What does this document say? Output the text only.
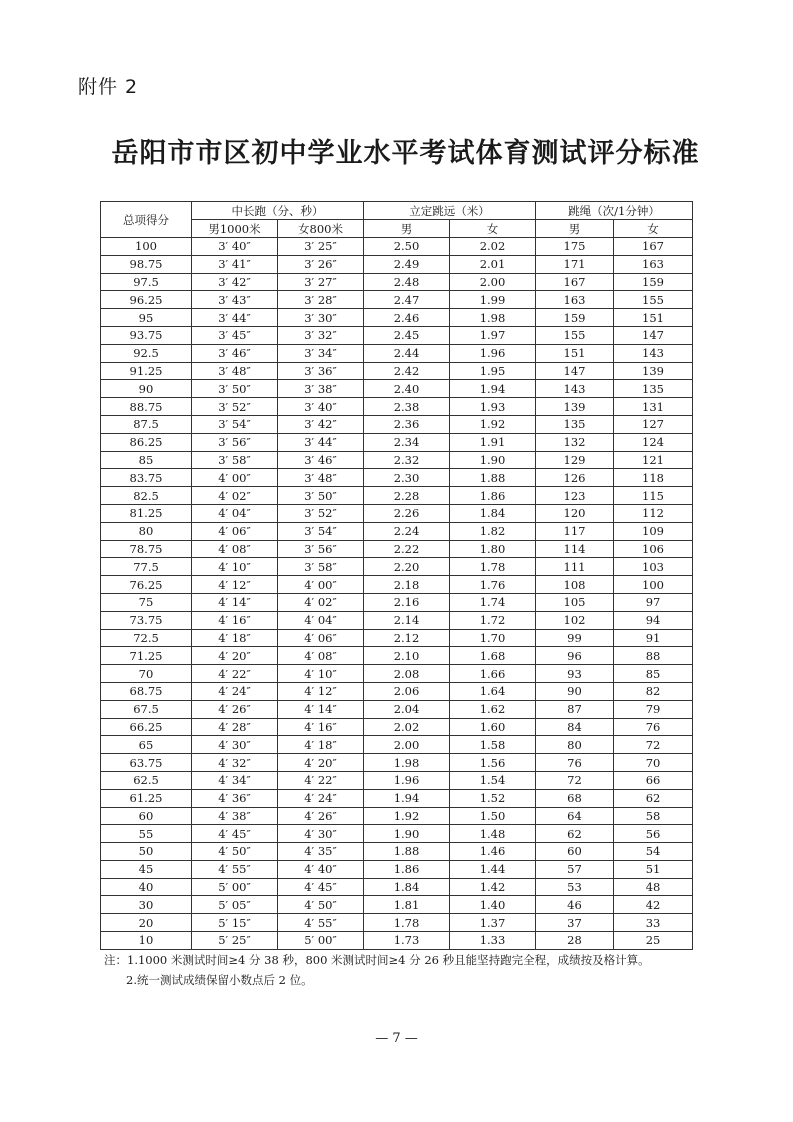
附件 2
岳阳市市区初中学业水平考试体育测试评分标准
总项得分	中长跑（分、秒）		立定跳远（米）		跳绳（次/1分钟）	
	男1000米	女800米	男	女	男	女
100	3′ 40″	3′ 25″	2.50	2.02	175	167
98.75	3′ 41″	3′ 26″	2.49	2.01	171	163
97.5	3′ 42″	3′ 27″	2.48	2.00	167	159
96.25	3′ 43″	3′ 28″	2.47	1.99	163	155
95	3′ 44″	3′ 30″	2.46	1.98	159	151
93.75	3′ 45″	3′ 32″	2.45	1.97	155	147
92.5	3′ 46″	3′ 34″	2.44	1.96	151	143
91.25	3′ 48″	3′ 36″	2.42	1.95	147	139
90	3′ 50″	3′ 38″	2.40	1.94	143	135
88.75	3′ 52″	3′ 40″	2.38	1.93	139	131
87.5	3′ 54″	3′ 42″	2.36	1.92	135	127
86.25	3′ 56″	3′ 44″	2.34	1.91	132	124
85	3′ 58″	3′ 46″	2.32	1.90	129	121
83.75	4′ 00″	3′ 48″	2.30	1.88	126	118
82.5	4′ 02″	3′ 50″	2.28	1.86	123	115
81.25	4′ 04″	3′ 52″	2.26	1.84	120	112
80	4′ 06″	3′ 54″	2.24	1.82	117	109
78.75	4′ 08″	3′ 56″	2.22	1.80	114	106
77.5	4′ 10″	3′ 58″	2.20	1.78	111	103
76.25	4′ 12″	4′ 00″	2.18	1.76	108	100
75	4′ 14″	4′ 02″	2.16	1.74	105	97
73.75	4′ 16″	4′ 04″	2.14	1.72	102	94
72.5	4′ 18″	4′ 06″	2.12	1.70	99	91
71.25	4′ 20″	4′ 08″	2.10	1.68	96	88
70	4′ 22″	4′ 10″	2.08	1.66	93	85
68.75	4′ 24″	4′ 12″	2.06	1.64	90	82
67.5	4′ 26″	4′ 14″	2.04	1.62	87	79
66.25	4′ 28″	4′ 16″	2.02	1.60	84	76
65	4′ 30″	4′ 18″	2.00	1.58	80	72
63.75	4′ 32″	4′ 20″	1.98	1.56	76	70
62.5	4′ 34″	4′ 22″	1.96	1.54	72	66
61.25	4′ 36″	4′ 24″	1.94	1.52	68	62
60	4′ 38″	4′ 26″	1.92	1.50	64	58
55	4′ 45″	4′ 30″	1.90	1.48	62	56
50	4′ 50″	4′ 35″	1.88	1.46	60	54
45	4′ 55″	4′ 40″	1.86	1.44	57	51
40	5′ 00″	4′ 45″	1.84	1.42	53	48
30	5′ 05″	4′ 50″	1.81	1.40	46	42
20	5′ 15″	4′ 55″	1.78	1.37	37	33
10	5′ 25″	5′ 00″	1.73	1.33	28	25
注：1.1000 米测试时间≥4 分 38 秒，800 米测试时间≥4 分 26 秒且能坚持跑完全程，成绩按及格计算。
2.统一测试成绩保留小数点后 2 位。
— 7 —
